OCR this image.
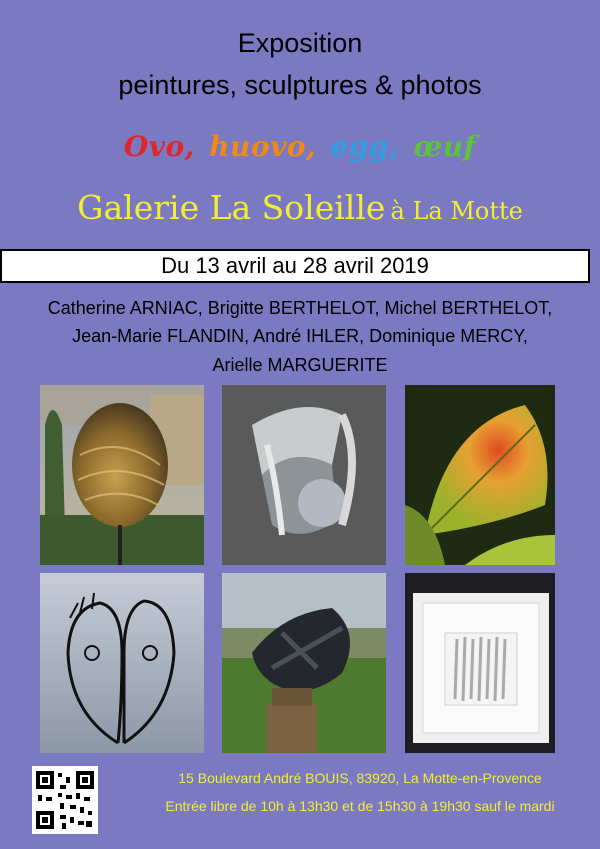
Exposition
peintures, sculptures & photos
Ovo, huovo, egg, œuf
Galerie La Soleille à La Motte
Du 13 avril au 28 avril 2019
Catherine ARNIAC, Brigitte BERTHELOT, Michel BERTHELOT,
Jean-Marie FLANDIN, André IHLER, Dominique MERCY,
Arielle MARGUERITE
15 Boulevard André BOUIS, 83920, La Motte-en-Provence
Entrée libre de 10h à 13h30 et de 15h30 à 19h30 sauf le mardi
